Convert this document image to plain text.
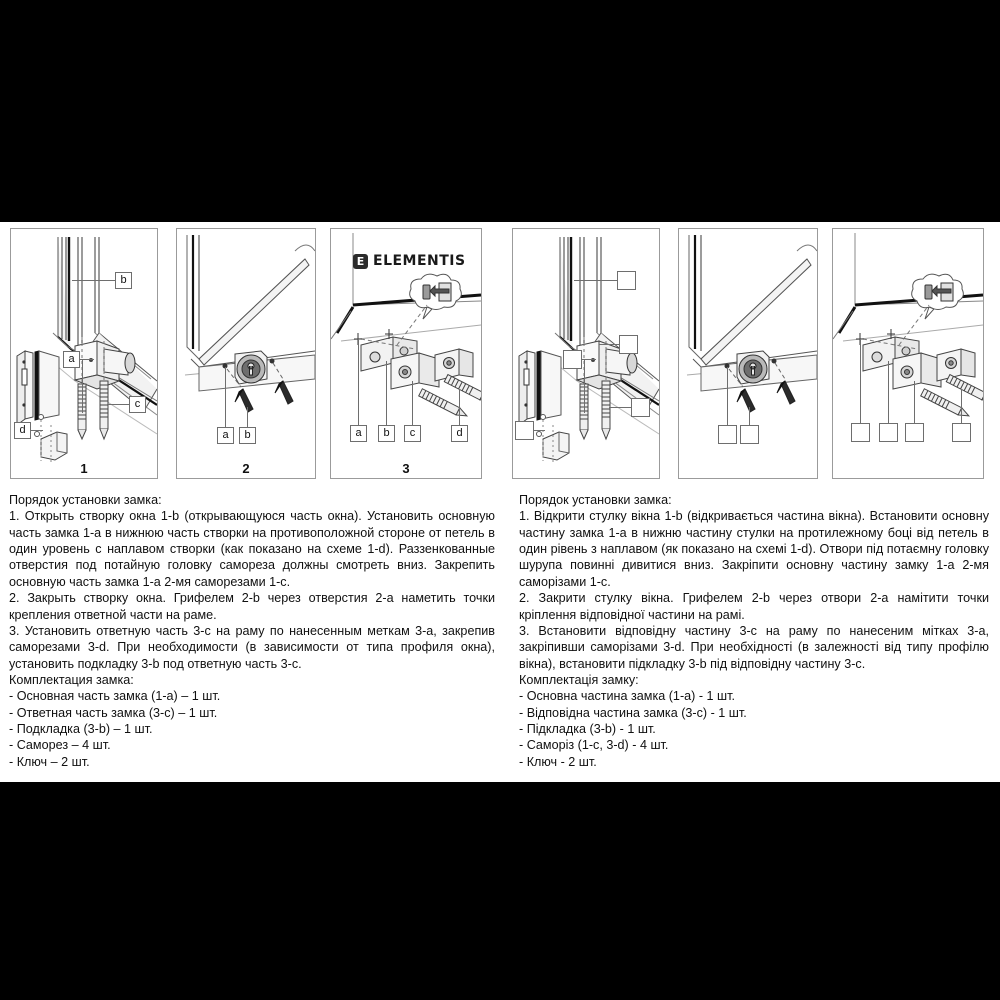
b
a
c
d
1
a	b
2
E ELEMENTIS
a	b	c	d
3

Порядок установки замка:

1. Открыть створку окна 1-b (открывающуюся часть окна). Установить основную часть замка 1-a в нижнюю часть створки на противоположной стороне от петель в один уровень с наплавом створки (как показано на схеме 1-d). Раззенкованные отверстия под потайную головку самореза должны смотреть вниз. Закрепить основную часть замка 1-a 2-мя саморезами 1-c.

2. Закрыть створку окна. Грифелем 2-b через отверстия 2-a наметить точки крепления ответной части на раме.

3. Установить ответную часть 3-c на раму по нанесенным меткам 3-a, закрепив саморезами 3-d. При необходимости (в зависимости от типа профиля окна), установить подкладку 3-b под ответную часть 3-c.

Комплектация замка:

- Основная часть замка (1-a) – 1 шт.

- Ответная часть замка (3-c) – 1 шт.

- Подкладка (3-b) – 1 шт.

- Саморез – 4 шт.

- Ключ – 2 шт.

Порядок установки замка:

1. Відкрити стулку вікна 1-b (відкривається частина вікна). Встановити основну частину замка 1-a в нижню частину стулки на протилежному боці від петель в один рівень з наплавом (як показано на схемі 1-d). Отвори під потаємну головку шурупа повинні дивитися вниз. Закріпити основну частину замку 1-a 2-мя саморізами 1-c.

2. Закрити стулку вікна. Грифелем 2-b через отвори 2-a намітити точки кріплення відповідної частини на рамі.

3. Встановити відповідну частину 3-c на раму по нанесеним мітках 3-a, закріпивши саморізами 3-d. При необхідності (в залежності від типу профілю вікна), встановити підкладку 3-b під відповідну частину 3-c.

Комплектація замку:

- Основна частина замка (1-a) - 1 шт.

- Відповідна частина замка (3-c) - 1 шт.

- Підкладка (3-b) - 1 шт.

- Саморіз (1-c, 3-d) - 4 шт.

- Ключ - 2 шт.
